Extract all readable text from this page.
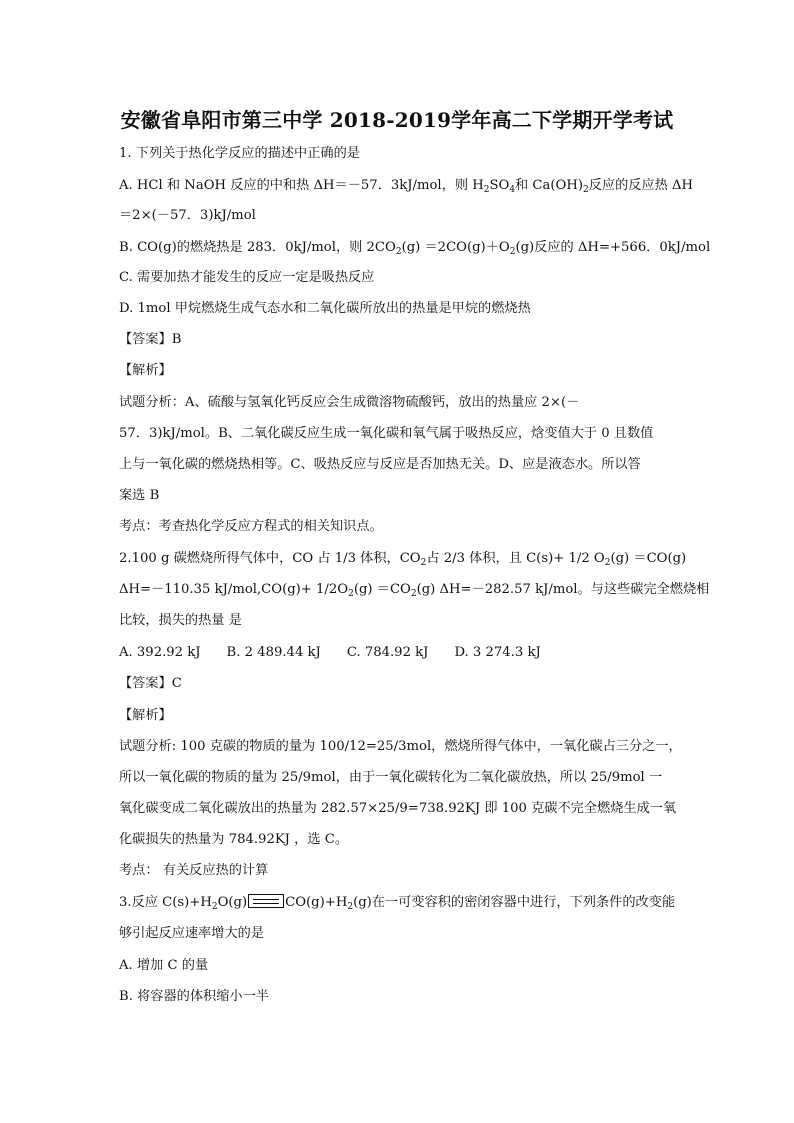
安徽省阜阳市第三中学 2018-2019学年高二下学期开学考试
1. 下列关于热化学反应的描述中正确的是
A. HCl 和 NaOH 反应的中和热 ΔH＝－57．3kJ/mol，则 $H_2SO_4$和 $Ca(OH)_2$反应的反应热 ΔH
＝2×(－57．3)kJ/mol
B. CO(g)的燃烧热是 283．0kJ/mol，则 $2CO_2(g) =2CO(g)+O_2(g)$反应的 ΔH=+566．0kJ/mol
C. 需要加热才能发生的反应一定是吸热反应
D. 1mol 甲烷燃烧生成气态水和二氧化碳所放出的热量是甲烷的燃烧热
【答案】B
【解析】
试题分析：A、硫酸与氢氧化钙反应会生成微溶物硫酸钙，放出的热量应 2×(－
57．3)kJ/mol。B、二氧化碳反应生成一氧化碳和氧气属于吸热反应，焓变值大于 0 且数值
上与一氧化碳的燃烧热相等。C、吸热反应与反应是否加热无关。D、应是液态水。所以答
案选 B
考点：考查热化学反应方程式的相关知识点。
2.100 g 碳燃烧所得气体中，CO 占 1/3 体积，$CO_2$占 2/3 体积，且 C(s)+ 1/2 $O_2(g) =CO(g)$
ΔH=－110.35 $kJ/mol,CO(g)+ 1/2O_2(g) =CO_2(g)$ ΔH=－282.57 kJ/mol。与这些碳完全燃烧相
比较，损失的热量 是
A. 392.92 kJ B. 2 489.44 kJ C. 784.92 kJ D. 3 274.3 kJ
【答案】C
【解析】
试题分析: 100 克碳的物质的量为 100/12=25/3mol，燃烧所得气体中，一氧化碳占三分之一，
所以一氧化碳的物质的量为 25/9mol，由于一氧化碳转化为二氧化碳放热，所以 25/9mol 一
氧化碳变成二氧化碳放出的热量为 282.57×25/9=738.92KJ 即 100 克碳不完全燃烧生成一氧
化碳损失的热量为 784.92KJ ，选 C。
考点： 有关反应热的计算
3.反应 $C(s)+H_2O(g)$	$CO(g)+H_2(g)$在一可变容积的密闭容器中进行，下列条件的改变能
够引起反应速率增大的是
A. 增加 C 的量
B. 将容器的体积缩小一半
